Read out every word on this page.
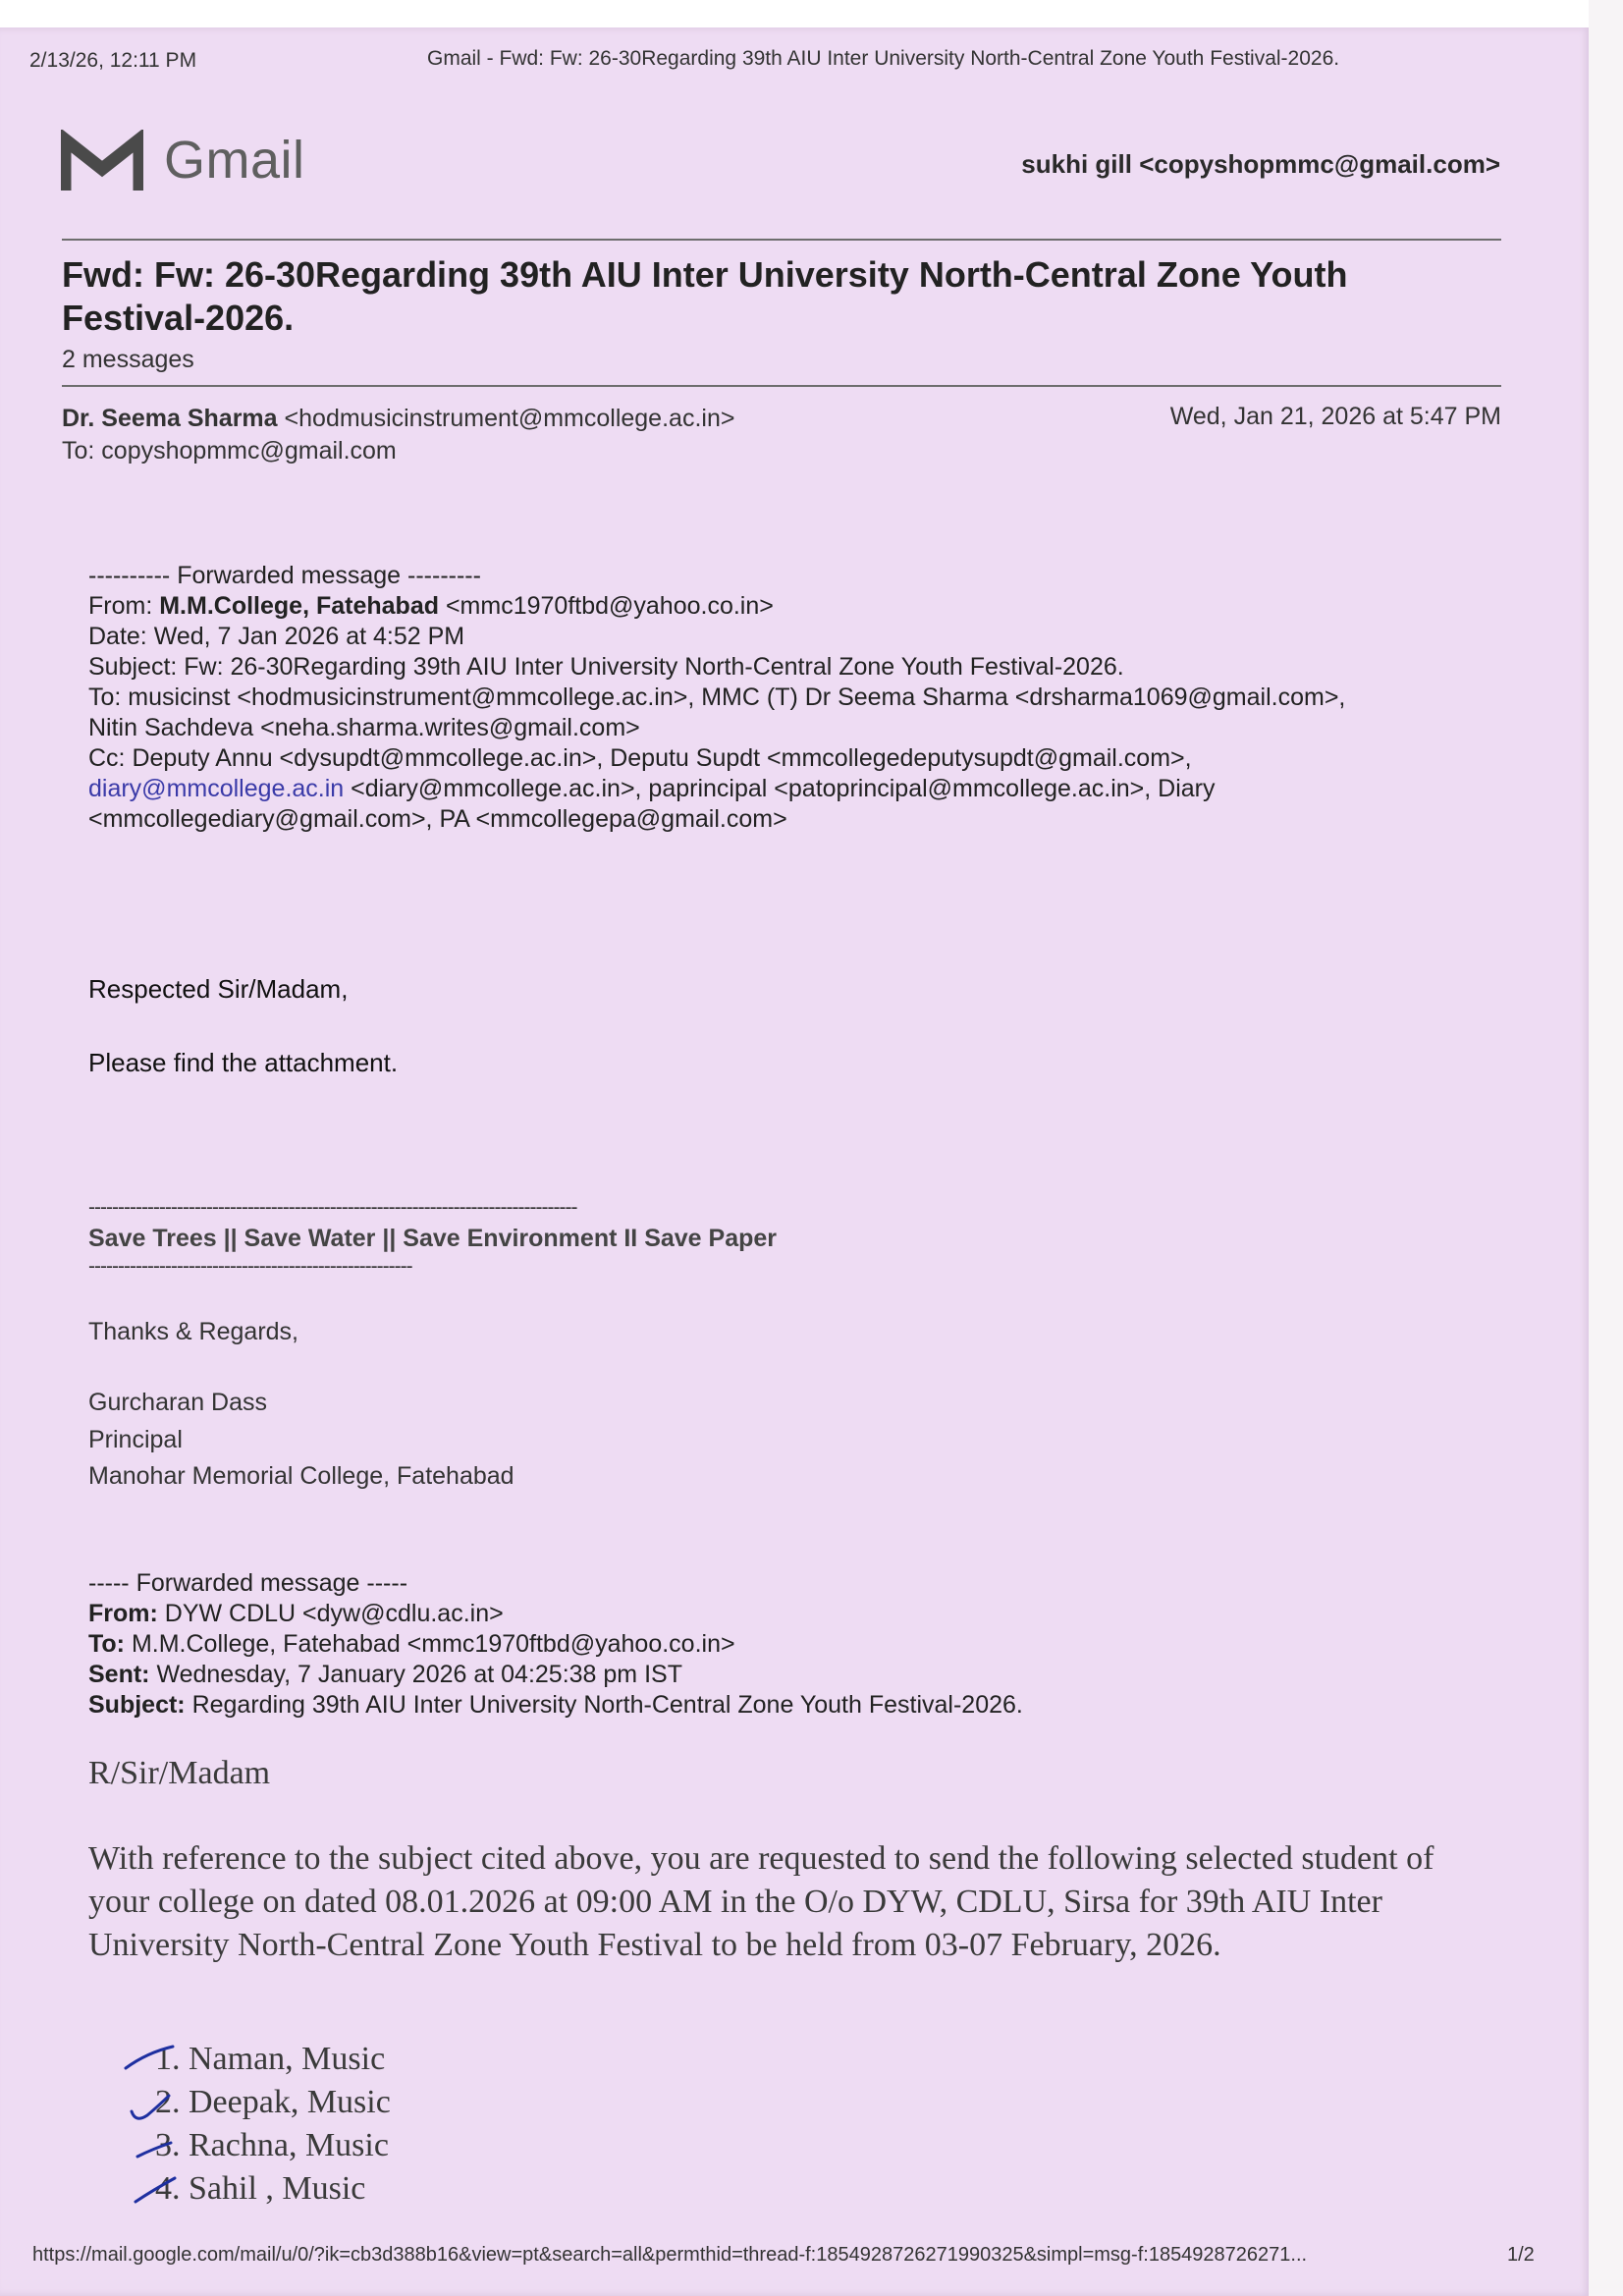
2/13/26, 12:11 PM	Gmail - Fwd: Fw: 26-30Regarding 39th AIU Inter University North-Central Zone Youth Festival-2026.
Gmail	sukhi gill <copyshopmmc@gmail.com>
Fwd: Fw: 26-30Regarding 39th AIU Inter University North-Central Zone Youth Festival-2026.
2 messages
Dr. Seema Sharma <hodmusicinstrument@mmcollege.ac.in>
To: copyshopmmc@gmail.com
Wed, Jan 21, 2026 at 5:47 PM
---------- Forwarded message ---------
From: M.M.College, Fatehabad <mmc1970ftbd@yahoo.co.in>
Date: Wed, 7 Jan 2026 at 4:52 PM
Subject: Fw: 26-30Regarding 39th AIU Inter University North-Central Zone Youth Festival-2026.
To: musicinst <hodmusicinstrument@mmcollege.ac.in>, MMC (T) Dr Seema Sharma <drsharma1069@gmail.com>,
Nitin Sachdeva <neha.sharma.writes@gmail.com>
Cc: Deputy Annu <dysupdt@mmcollege.ac.in>, Deputu Supdt <mmcollegedeputysupdt@gmail.com>,
diary@mmcollege.ac.in <diary@mmcollege.ac.in>, paprincipal <patoprincipal@mmcollege.ac.in>, Diary
<mmcollegediary@gmail.com>, PA <mmcollegepa@gmail.com>
Respected Sir/Madam,
Please find the attachment.
-----------------------------------------------------------------------------------
Save Trees || Save Water || Save Environment II Save Paper
-------------------------------------------------------
Thanks & Regards,
Gurcharan Dass
Principal
Manohar Memorial College, Fatehabad
----- Forwarded message -----
From: DYW CDLU <dyw@cdlu.ac.in>
To: M.M.College, Fatehabad <mmc1970ftbd@yahoo.co.in>
Sent: Wednesday, 7 January 2026 at 04:25:38 pm IST
Subject: Regarding 39th AIU Inter University North-Central Zone Youth Festival-2026.
R/Sir/Madam
With reference to the subject cited above, you are requested to send the following selected student of your college on dated 08.01.2026 at 09:00 AM in the O/o DYW, CDLU, Sirsa for 39th AIU Inter University North-Central Zone Youth Festival to be held from 03-07 February, 2026.
1. Naman, Music
2. Deepak, Music
3. Rachna, Music
4. Sahil , Music
https://mail.google.com/mail/u/0/?ik=cb3d388b16&view=pt&search=all&permthid=thread-f:1854928726271990325&simpl=msg-f:1854928726271...	1/2
